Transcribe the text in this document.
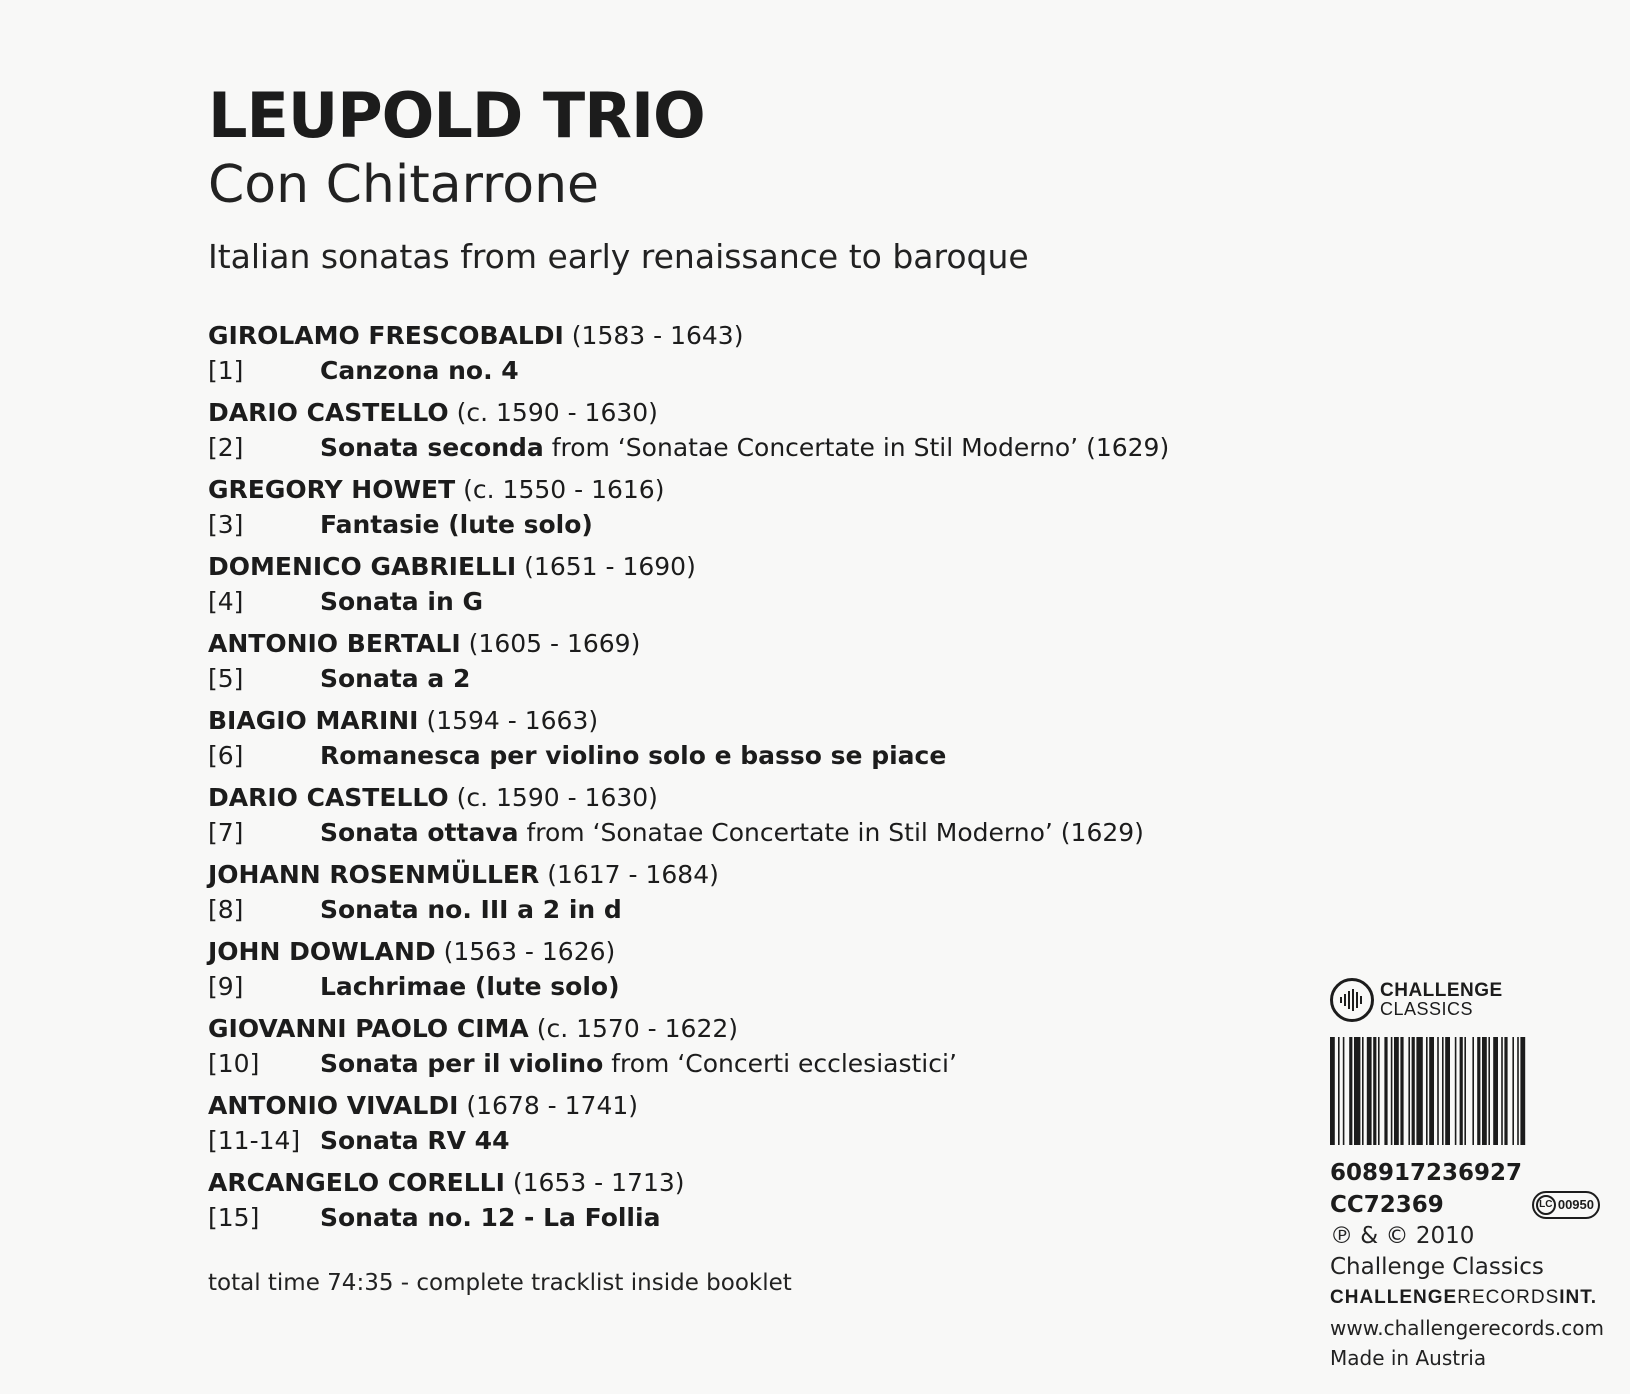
LEUPOLD TRIO
Con Chitarrone
Italian sonatas from early renaissance to baroque
GIROLAMO FRESCOBALDI (1583 - 1643)
[1]	Canzona no. 4
DARIO CASTELLO (c. 1590 - 1630)
[2]	Sonata seconda from ‘Sonatae Concertate in Stil Moderno’ (1629)
GREGORY HOWET (c. 1550 - 1616)
[3]	Fantasie (lute solo)
DOMENICO GABRIELLI (1651 - 1690)
[4]	Sonata in G
ANTONIO BERTALI (1605 - 1669)
[5]	Sonata a 2
BIAGIO MARINI (1594 - 1663)
[6]	Romanesca per violino solo e basso se piace
DARIO CASTELLO (c. 1590 - 1630)
[7]	Sonata ottava from ‘Sonatae Concertate in Stil Moderno’ (1629)
JOHANN ROSENMÜLLER (1617 - 1684)
[8]	Sonata no. III a 2 in d
JOHN DOWLAND (1563 - 1626)
[9]	Lachrimae (lute solo)
GIOVANNI PAOLO CIMA (c. 1570 - 1622)
[10] Sonata per il violino from ‘Concerti ecclesiastici’
ANTONIO VIVALDI (1678 - 1741)
[11-14] Sonata RV 44
ARCANGELO CORELLI (1653 - 1713)
[15] Sonata no. 12 - La Follia
total time 74:35 - complete tracklist inside booklet
CHALLENGE
CLASSICS
608917236927
CC72369	LC 00950
℗ & © 2010
Challenge Classics
CHALLENGERECORDSINT.
www.challengerecords.com
Made in Austria
